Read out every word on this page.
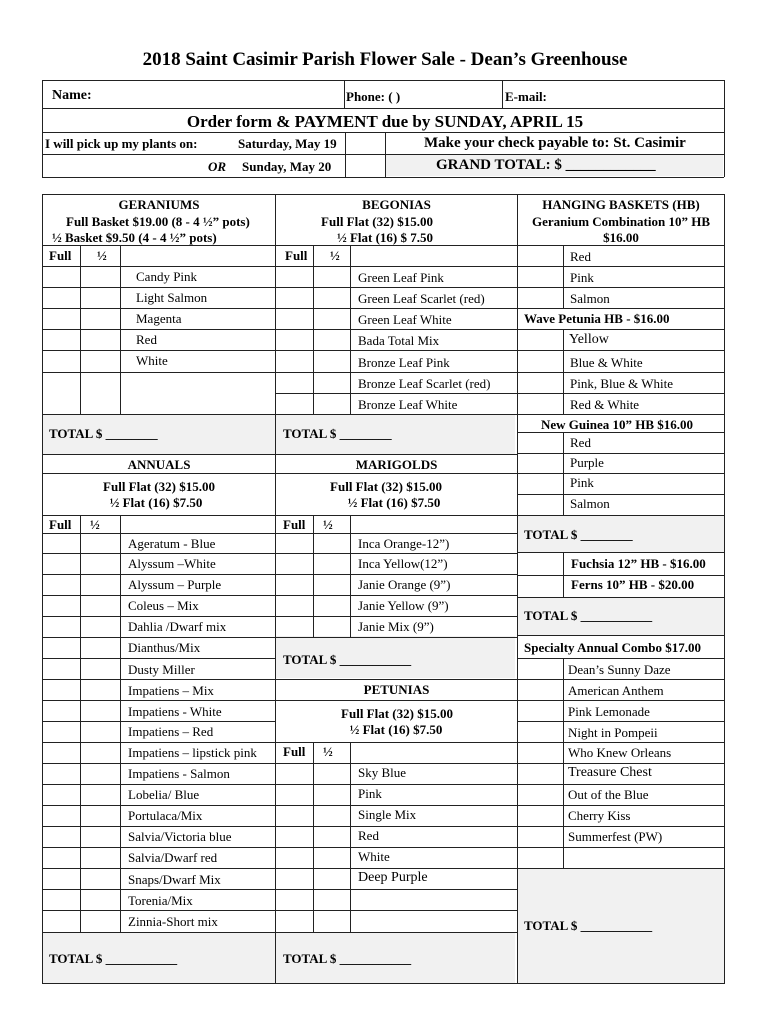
2018 Saint Casimir Parish Flower Sale - Dean’s Greenhouse
Name:	Phone: ( )	E-mail:
Order form & PAYMENT due by SUNDAY, APRIL 15
I will pick up my plants on:	Saturday, May 19
OR Sunday, May 20
Make your check payable to: St. Casimir
GRAND TOTAL: $ ____________
GERANIUMS
Full Basket $19.00 (8 - 4 ½” pots)
½ Basket $9.50 (4 - 4 ½” pots)
Full ½
Candy Pink
Light Salmon
Magenta
Red
White
TOTAL $ ________
BEGONIAS
Full Flat (32) $15.00
½ Flat (16) $ 7.50
Full ½
Green Leaf Pink
Green Leaf Scarlet (red)
Green Leaf White
Bada Total Mix
Bronze Leaf Pink
Bronze Leaf Scarlet (red)
Bronze Leaf White
TOTAL $ ________
HANGING BASKETS (HB)
Geranium Combination 10” HB
$16.00
Red
Pink
Salmon
Wave Petunia HB - $16.00
Yellow
Blue & White
Pink, Blue & White
Red & White
New Guinea 10” HB $16.00
Red
Purple
Pink
Salmon
TOTAL $ ________
Fuchsia 12” HB - $16.00
Ferns 10” HB - $20.00
TOTAL $ ___________
Specialty Annual Combo $17.00
Dean’s Sunny Daze
American Anthem
Pink Lemonade
Night in Pompeii
Who Knew Orleans
Treasure Chest
Out of the Blue
Cherry Kiss
Summerfest (PW)
TOTAL $ ___________
ANNUALS
Full Flat (32) $15.00
½ Flat (16) $7.50
Full ½
Ageratum - Blue
Alyssum –White
Alyssum – Purple
Coleus – Mix
Dahlia /Dwarf mix
Dianthus/Mix
Dusty Miller
Impatiens – Mix
Impatiens - White
Impatiens – Red
Impatiens – lipstick pink
Impatiens - Salmon
Lobelia/ Blue
Portulaca/Mix
Salvia/Victoria blue
Salvia/Dwarf red
Snaps/Dwarf Mix
Torenia/Mix
Zinnia-Short mix
TOTAL $ ___________
MARIGOLDS
Full Flat (32) $15.00
½ Flat (16) $7.50
Full ½
Inca Orange-12”)
Inca Yellow(12”)
Janie Orange (9”)
Janie Yellow (9”)
Janie Mix (9”)
TOTAL $ ___________
PETUNIAS
Full Flat (32) $15.00
½ Flat (16) $7.50
Full ½
Sky Blue
Pink
Single Mix
Red
White
Deep Purple
TOTAL $ ___________
